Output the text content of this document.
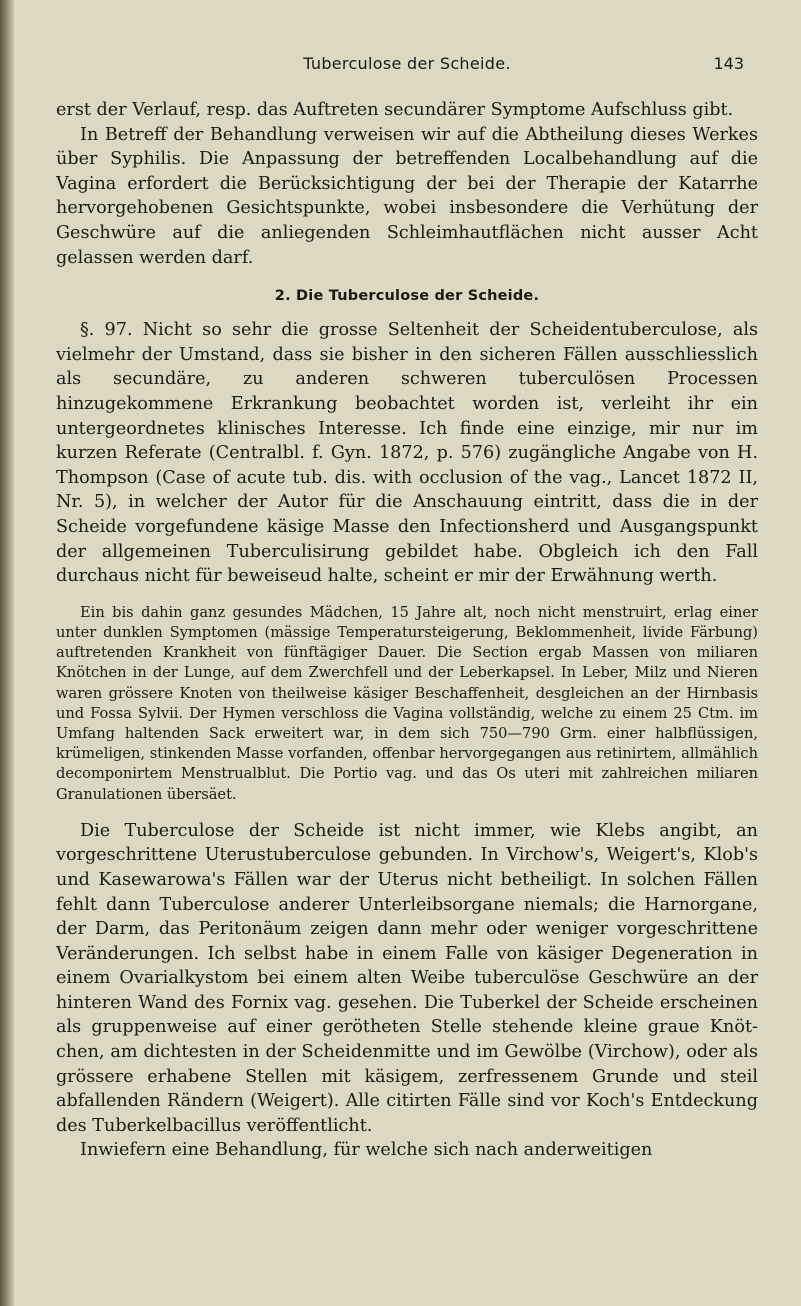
Tuberculose der Scheide.	143

erst der Verlauf, resp. das Auftreten secundärer Symptome Aufschluss gibt.

In Betreff der Behandlung verweisen wir auf die Abtheilung dieses Werkes über Syphilis. Die Anpassung der betreffenden Localbehandlung auf die Vagina erfordert die Berücksichtigung der bei der Therapie der Katarrhe hervorgehobenen Gesichtspunkte, wobei insbesondere die Verhütung der Geschwüre auf die anliegenden Schleimhautflächen nicht ausser Acht gelassen werden darf.

2. Die Tuberculose der Scheide.

§. 97. Nicht so sehr die grosse Seltenheit der Scheidentuberculose, als vielmehr der Umstand, dass sie bisher in den sicheren Fällen ausschliesslich als secundäre, zu anderen schweren tuberculösen Processen hinzugekommene Erkrankung beobachtet worden ist, verleiht ihr ein untergeordnetes klinisches Interesse. Ich finde eine einzige, mir nur im kurzen Referate (Centralbl. f. Gyn. 1872, p. 576) zugängliche Angabe von H. Thompson (Case of acute tub. dis. with occlusion of the vag., Lancet 1872 II, Nr. 5), in welcher der Autor für die Anschauung eintritt, dass die in der Scheide vorgefundene käsige Masse den Infectionsherd und Ausgangspunkt der allgemeinen Tuberculisirung gebildet habe. Obgleich ich den Fall durchaus nicht für beweiseud halte, scheint er mir der Erwähnung werth.

Ein bis dahin ganz gesundes Mädchen, 15 Jahre alt, noch nicht menstruirt, erlag einer unter dunklen Symptomen (mässige Temperatursteigerung, Beklommenheit, livide Färbung) auftretenden Krankheit von fünftägiger Dauer. Die Section ergab Massen von miliaren Knötchen in der Lunge, auf dem Zwerchfell und der Leberkapsel. In Leber, Milz und Nieren waren grössere Knoten von theilweise käsiger Beschaffenheit, desgleichen an der Hirnbasis und Fossa Sylvii. Der Hymen verschloss die Vagina vollständig, welche zu einem 25 Ctm. im Umfang haltenden Sack erweitert war, in dem sich 750—790 Grm. einer halbflüssigen, krümeligen, stinkenden Masse vorfanden, offenbar hervorgegangen aus retinirtem, allmählich decomponirtem Menstrualblut. Die Portio vag. und das Os uteri mit zahlreichen miliaren Granulationen übersäet.

Die Tuberculose der Scheide ist nicht immer, wie Klebs angibt, an vorgeschrittene Uterustuberculose gebunden. In Virchow's, Weigert's, Klob's und Kasewarowa's Fällen war der Uterus nicht betheiligt. In solchen Fällen fehlt dann Tuberculose anderer Unterleibsorgane niemals; die Harnorgane, der Darm, das Peritonäum zeigen dann mehr oder weniger vorgeschrittene Veränderungen. Ich selbst habe in einem Falle von käsiger Degeneration in einem Ovarialkystom bei einem alten Weibe tuberculöse Geschwüre an der hinteren Wand des Fornix vag. gesehen. Die Tuberkel der Scheide erscheinen als gruppenweise auf einer gerötheten Stelle stehende kleine graue Knötchen, am dichtesten in der Scheidenmitte und im Gewölbe (Virchow), oder als grössere erhabene Stellen mit käsigem, zerfressenem Grunde und steil abfallenden Rändern (Weigert). Alle citirten Fälle sind vor Koch's Entdeckung des Tuberkelbacillus veröffentlicht.

Inwiefern eine Behandlung, für welche sich nach anderweitigen
